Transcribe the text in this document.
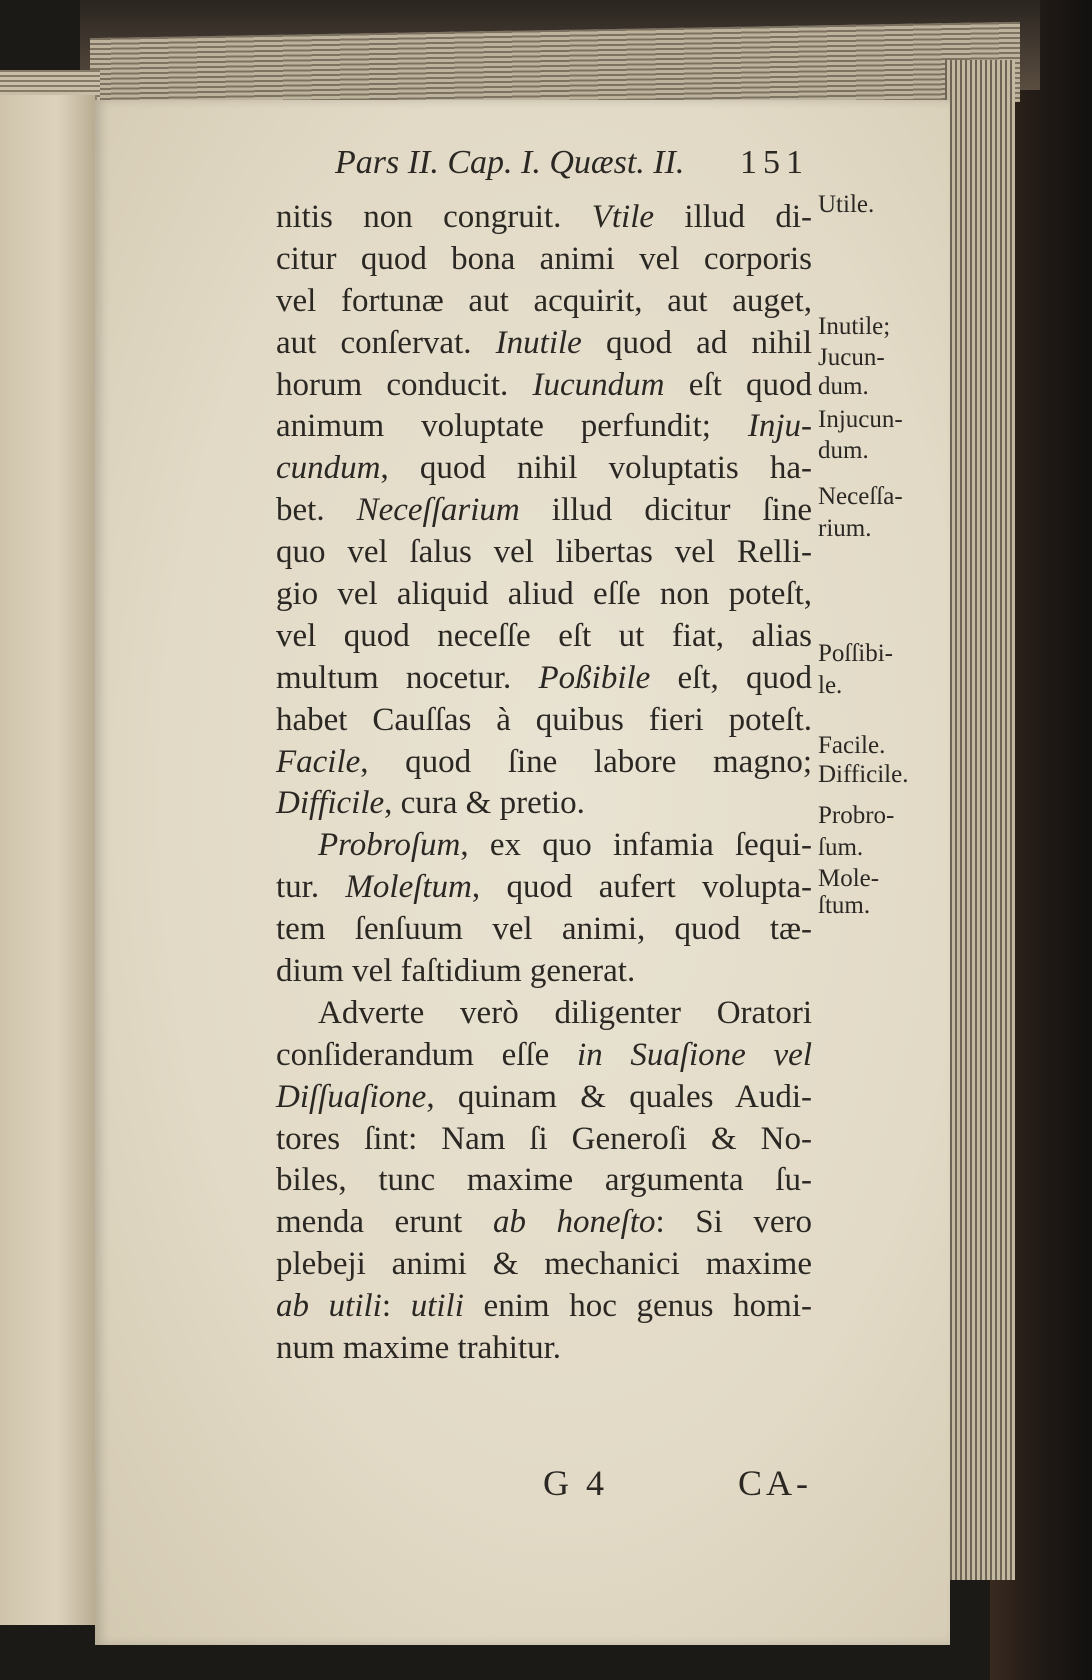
Pars II. Cap. I. Quæst. II. 151
nitis non congruit. Vtile illud di-
citur quod bona animi vel corporis
vel fortunæ aut acquirit, aut auget,
aut conſervat. Inutile quod ad nihil
horum conducit. Iucundum eſt quod
animum voluptate perfundit; Inju-
cundum, quod nihil voluptatis ha-
bet. Neceſſarium illud dicitur ſine
quo vel ſalus vel libertas vel Relli-
gio vel aliquid aliud eſſe non poteſt,
vel quod neceſſe eſt ut fiat, alias
multum nocetur. Poßibile eſt, quod
habet Cauſſas à quibus fieri poteſt.
Facile, quod ſine labore magno;
Difficile, cura & pretio.
Probroſum, ex quo infamia ſequi-
tur. Moleſtum, quod aufert volupta-
tem ſenſuum vel animi, quod tæ-
dium vel faſtidium generat.
Adverte verò diligenter Oratori
conſiderandum eſſe in Suaſione vel
Diſſuaſione, quinam & quales Audi-
tores ſint: Nam ſi Generoſi & No-
biles, tunc maxime argumenta ſu-
menda erunt ab honeſto: Si vero
plebeji animi & mechanici maxime
ab utili: utili enim hoc genus homi-
num maxime trahitur.
Utile.
Inutile;
Jucun-
dum.
Injucun-
dum.
Neceſſa-
rium.
Poſſibi-
le.
Facile.
Difficile.
Probro-
ſum.
Mole-
ſtum.
G 4	CA-
